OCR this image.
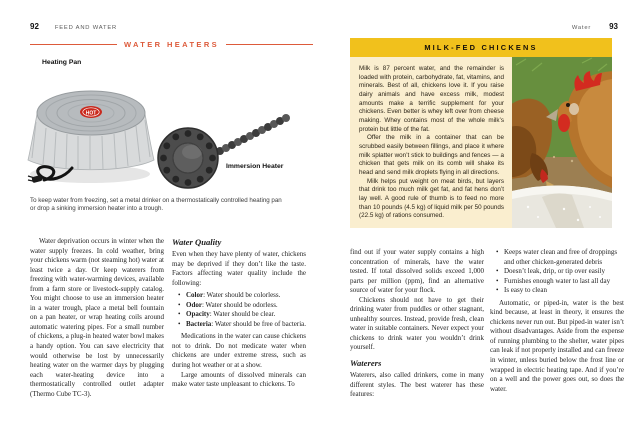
92	FEED AND WATER
WATER HEATERS
Heating Pan
HOT
Immersion Heater
To keep water from freezing, set a metal drinker on a thermostatically controlled heating pan or drop a sinking immersion heater into a trough.

Water deprivation occurs in winter when the water supply freezes. In cold weather, bring your chickens warm (not steaming hot) water at least twice a day. Or keep waterers from freezing with water-warming devices, available from a farm store or livestock-supply catalog. You might choose to use an immersion heater in a water trough, place a metal bell fountain on a pan heater, or wrap heating coils around automatic watering pipes. For a small number of chickens, a plug-in heated water bowl makes a handy option. You can save electricity that would otherwise be lost by unnecessarily heating water on the warmer days by plugging each water-heating device into a thermostatically controlled outlet adapter (Thermo Cube TC-3).

Water Quality

Even when they have plenty of water, chickens may be deprived if they don’t like the taste. Factors affecting water quality include the following:

• Color: Water should be colorless.
• Odor: Water should be odorless.
• Opacity: Water should be clear.
• Bacteria: Water should be free of bacteria.

Medications in the water can cause chickens not to drink. Do not medicate water when chickens are under extreme stress, such as during hot weather or at a show.

Large amounts of dissolved minerals can make water taste unpleasant to chickens. To

Water 93
MILK-FED CHICKENS

Milk is 87 percent water, and the remainder is loaded with protein, carbohydrate, fat, vitamins, and minerals. Best of all, chickens love it. If you raise dairy animals and have excess milk, modest amounts make a terrific supplement for your chickens. Even better is whey left over from cheese making. Whey contains most of the whole milk’s protein but little of the fat.

Offer the milk in a container that can be scrubbed easily between fillings, and place it where milk splatter won’t stick to buildings and fences — a chicken that gets milk on its comb will shake its head and send milk droplets flying in all directions.

Milk helps put weight on meat birds, but layers that drink too much milk get fat, and fat hens don’t lay well. A good rule of thumb is to feed no more than 10 pounds (4.5 kg) of liquid milk per 50 pounds (22.5 kg) of rations consumed.

find out if your water supply contains a high concentration of minerals, have the water tested. If total dissolved solids exceed 1,000 parts per million (ppm), find an alternative source of water for your flock.

Chickens should not have to get their drinking water from puddles or other stagnant, unhealthy sources. Instead, provide fresh, clean water in suitable containers. Never expect your chickens to drink water you wouldn’t drink yourself.

Waterers

Waterers, also called drinkers, come in many different styles. The best waterer has these features:

• Keeps water clean and free of droppings and other chicken-generated debris
• Doesn’t leak, drip, or tip over easily
• Furnishes enough water to last all day
• Is easy to clean

Automatic, or piped-in, water is the best kind because, at least in theory, it ensures the chickens never run out. But piped-in water isn’t without disadvantages. Aside from the expense of running plumbing to the shelter, water pipes can leak if not properly installed and can freeze in winter, unless buried below the frost line or wrapped in electric heating tape. And if you’re on a well and the power goes out, so does the water.
